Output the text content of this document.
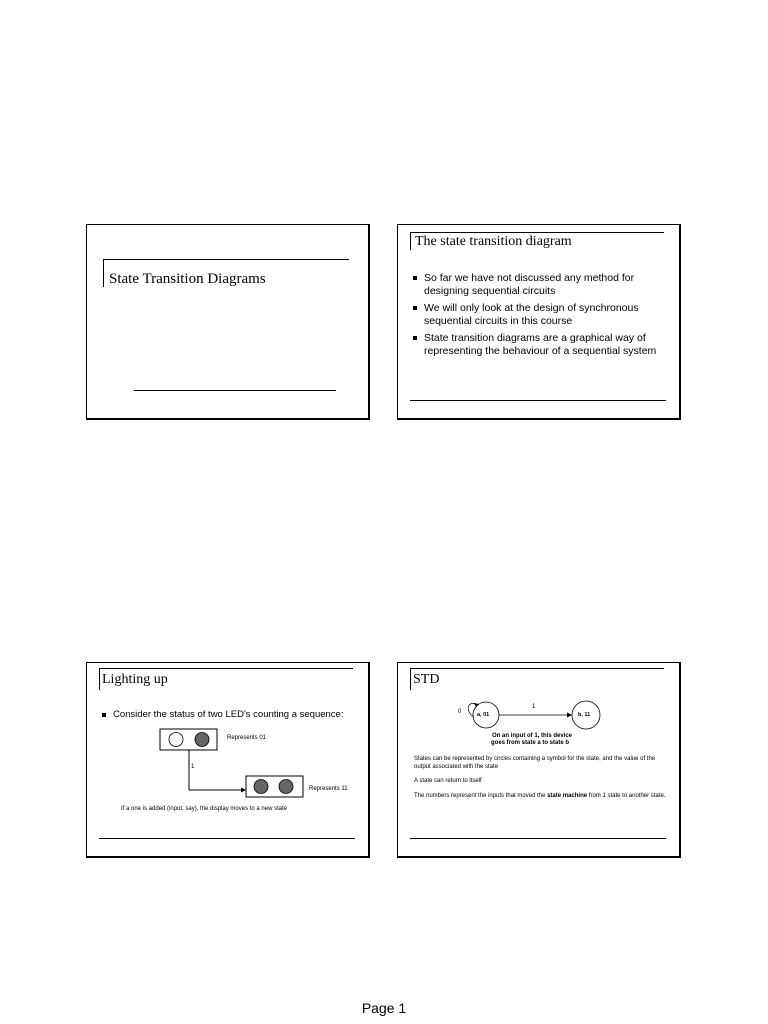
State Transition Diagrams
The state transition diagram
So far we have not discussed any method for designing sequential circuits
We will only look at the design of synchronous sequential circuits in this course
State transition diagrams are a graphical way of representing the behaviour of a sequential system
Lighting up
Consider the status of two LED's counting a sequence:
Represents 01
1
Represents 11
If a one is added (input, say), the display moves to a new state
STD
a, 01	b, 11
0
1
On an input of 1, this device
goes from state a to state b
States can be represented by circles containing a symbol for the state, and the value of the output associated with the state
A state can return to itself
The numbers represent the inputs that moved the state machine from 1 state to another state.
Page 1
